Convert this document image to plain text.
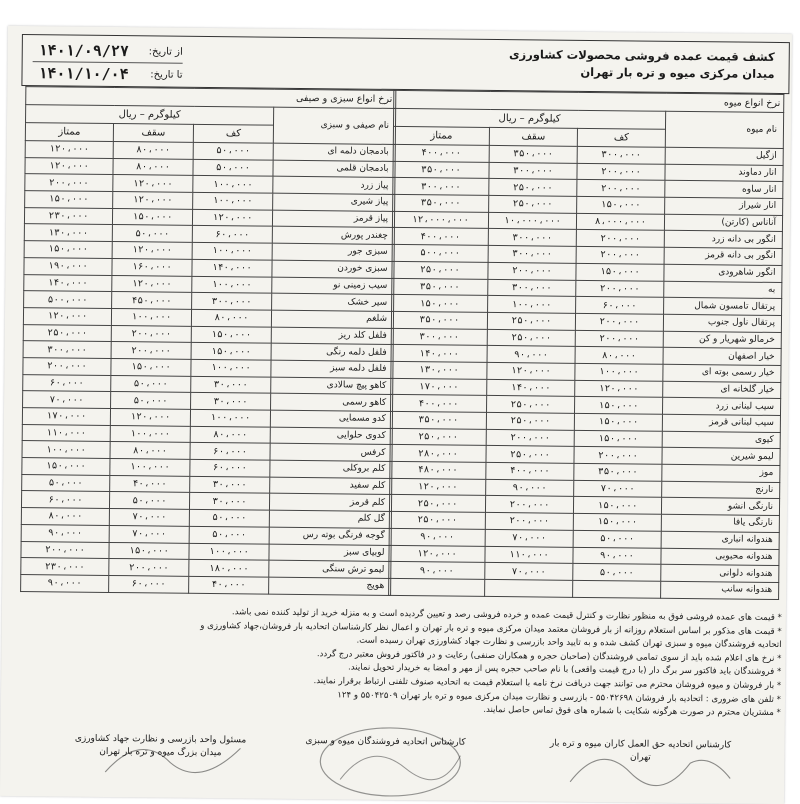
کشف قیمت عمده فروشی محصولات کشاورزی
میدان مرکزی میوه و تره بار تهران
از تاریخ:
۱۴۰۱/۰۹/۲۷
تا تاریخ:
۱۴۰۱/۱۰/۰۴
نرخ انواع میوه			
نام میوه	کیلوگرم – ریال		
	کف	سقف	ممتاز
ازگیل	۳۰۰،۰۰۰	۳۵۰،۰۰۰	۴۰۰،۰۰۰
انار دماوند	۲۰۰،۰۰۰	۳۰۰،۰۰۰	۳۵۰،۰۰۰
انار ساوه	۲۰۰،۰۰۰	۲۵۰،۰۰۰	۳۰۰،۰۰۰
انار شیراز	۱۵۰،۰۰۰	۲۵۰،۰۰۰	۳۵۰،۰۰۰
آناناس (کارتن)	۸،۰۰۰،۰۰۰	۱۰،۰۰۰،۰۰۰	۱۲،۰۰۰،۰۰۰
انگور بی دانه زرد	۲۰۰،۰۰۰	۳۰۰،۰۰۰	۴۰۰،۰۰۰
انگور بی دانه قرمز	۲۰۰،۰۰۰	۳۰۰،۰۰۰	۵۰۰،۰۰۰
انگور شاهرودی	۱۵۰،۰۰۰	۲۰۰،۰۰۰	۲۵۰،۰۰۰
به	۲۰۰،۰۰۰	۳۰۰،۰۰۰	۳۵۰،۰۰۰
پرتقال تامسون شمال	۶۰،۰۰۰	۱۰۰،۰۰۰	۱۵۰،۰۰۰
پرتقال ناول جنوب	۲۰۰،۰۰۰	۲۵۰،۰۰۰	۳۵۰،۰۰۰
خرمالو شهریار و کن	۲۰۰،۰۰۰	۲۵۰،۰۰۰	۳۰۰،۰۰۰
خیار اصفهان	۸۰،۰۰۰	۹۰،۰۰۰	۱۴۰،۰۰۰
خیار رسمی بوته ای	۱۰۰،۰۰۰	۱۲۰،۰۰۰	۱۳۰،۰۰۰
خیار گلخانه ای	۱۲۰،۰۰۰	۱۴۰،۰۰۰	۱۷۰،۰۰۰
سیب لبنانی زرد	۱۵۰،۰۰۰	۲۵۰،۰۰۰	۴۰۰،۰۰۰
سیب لبنانی قرمز	۱۵۰،۰۰۰	۲۵۰،۰۰۰	۳۵۰،۰۰۰
کیوی	۱۵۰،۰۰۰	۲۰۰،۰۰۰	۲۵۰،۰۰۰
لیمو شیرین	۲۰۰،۰۰۰	۲۵۰،۰۰۰	۲۸۰،۰۰۰
موز	۳۵۰،۰۰۰	۴۰۰،۰۰۰	۴۸۰،۰۰۰
نارنج	۷۰،۰۰۰	۹۰،۰۰۰	۱۲۰،۰۰۰
نارنگی انشو	۱۵۰،۰۰۰	۲۰۰،۰۰۰	۲۵۰،۰۰۰
نارنگی یافا	۱۵۰،۰۰۰	۲۰۰،۰۰۰	۲۵۰،۰۰۰
هندوانه انباری	۵۰،۰۰۰	۷۰،۰۰۰	۹۰،۰۰۰
هندوانه محبوبی	۹۰،۰۰۰	۱۱۰،۰۰۰	۱۲۰،۰۰۰
هندوانه دلوانی	۵۰،۰۰۰	۷۰،۰۰۰	۹۰،۰۰۰
هندوانه سانب			
نرخ انواع سبزی و صیفی			
نام صیفی و سبزی	کیلوگرم – ریال		
	کف	سقف	ممتاز
بادمجان دلمه ای	۵۰،۰۰۰	۸۰،۰۰۰	۱۲۰،۰۰۰
بادمجان قلمی	۵۰،۰۰۰	۸۰،۰۰۰	۱۲۰،۰۰۰
پیاز زرد	۱۰۰،۰۰۰	۱۲۰،۰۰۰	۲۰۰،۰۰۰
پیاز شیری	۱۰۰،۰۰۰	۱۲۰،۰۰۰	۱۵۰،۰۰۰
پیاز قرمز	۱۲۰،۰۰۰	۱۵۰،۰۰۰	۲۳۰،۰۰۰
چغندر پورش	۶۰،۰۰۰	۵۰،۰۰۰	۱۳۰،۰۰۰
سبزی جور	۱۰۰،۰۰۰	۱۲۰،۰۰۰	۱۵۰،۰۰۰
سبزی خوردن	۱۴۰،۰۰۰	۱۶۰،۰۰۰	۱۹۰،۰۰۰
سیب زمینی نو	۱۰۰،۰۰۰	۱۲۰،۰۰۰	۱۴۰،۰۰۰
سیر خشک	۳۰۰،۰۰۰	۴۵۰،۰۰۰	۵۰۰،۰۰۰
شلغم	۸۰،۰۰۰	۱۰۰،۰۰۰	۱۲۰،۰۰۰
فلفل کلد ریز	۱۵۰،۰۰۰	۲۰۰،۰۰۰	۲۵۰،۰۰۰
فلفل دلمه رنگی	۱۵۰،۰۰۰	۲۰۰،۰۰۰	۳۰۰،۰۰۰
فلفل دلمه سبز	۱۰۰،۰۰۰	۱۵۰،۰۰۰	۲۰۰،۰۰۰
کاهو پیچ سالادی	۳۰،۰۰۰	۵۰،۰۰۰	۶۰،۰۰۰
کاهو رسمی	۳۰،۰۰۰	۵۰،۰۰۰	۷۰،۰۰۰
کدو مسمایی	۱۰۰،۰۰۰	۱۲۰،۰۰۰	۱۷۰،۰۰۰
کدوی حلوایی	۸۰،۰۰۰	۱۰۰،۰۰۰	۱۱۰،۰۰۰
کرفس	۶۰،۰۰۰	۸۰،۰۰۰	۱۰۰،۰۰۰
کلم بروکلی	۶۰،۰۰۰	۱۰۰،۰۰۰	۱۵۰،۰۰۰
کلم سفید	۳۰،۰۰۰	۴۰،۰۰۰	۵۰،۰۰۰
کلم قرمز	۳۰،۰۰۰	۵۰،۰۰۰	۶۰،۰۰۰
گل کلم	۵۰،۰۰۰	۷۰،۰۰۰	۸۰،۰۰۰
گوجه فرنگی بوته رس	۵۰،۰۰۰	۷۰،۰۰۰	۹۰،۰۰۰
لوبیای سبز	۱۰۰،۰۰۰	۱۵۰،۰۰۰	۲۰۰،۰۰۰
لیمو ترش سنگی	۱۸۰،۰۰۰	۲۰۰،۰۰۰	۲۳۰،۰۰۰
هویج	۴۰،۰۰۰	۶۰،۰۰۰	۹۰،۰۰۰

* قیمت های عمده فروشی فوق به منظور نظارت و کنترل قیمت عمده و خرده فروشی رصد و تعیین گردیده است و به منزله خرید از تولید کننده نمی باشد.

* قیمت های مذکور بر اساس استعلام روزانه از بار فروشان معتمد میدان مرکزی میوه و تره بار تهران و اعمال نظر کارشناسان اتحادیه بار فروشان،جهاد کشاورزی و

اتحادیه فروشندگان میوه و سبزی تهران کشف شده و به تایید واحد بازرسی و نظارت جهاد کشاورزی تهران رسیده است.

* نرخ های اعلام شده باید از سوی تمامی فروشندگان (صاحبان حجره و همکاران صنفی) رعایت و در فاکتور فروش معتبر درج گردد.

* فروشندگان باید فاکتور سر برگ دار (با درج قیمت واقعی) با نام صاحب حجره پس از مهر و امضا به خریدار تحویل نمایند.

* بار فروشان و میوه فروشان محترم می توانند جهت دریافت نرخ نامه با استعلام قیمت به اتحادیه صنوف تلفنی ارتباط برقرار نمایند.

* تلفن های ضروری : اتحادیه بار فروشان ۵۵۰۴۲۶۹۸ - بازرسی و نظارت میدان مرکزی میوه و تره بار تهران ۵۵۰۴۲۵۰۹ و ۱۲۴

* مشتریان محترم در صورت هرگونه شکایت با شماره های فوق تماس حاصل نمایند.

مسئول واحد بازرسی و نظارت جهاد کشاورزی میدان بزرگ میوه و تره بار تهران
کارشناس اتحادیه فروشندگان میوه و سبزی	کارشناس اتحادیه حق العمل کاران میوه و تره بار تهران
